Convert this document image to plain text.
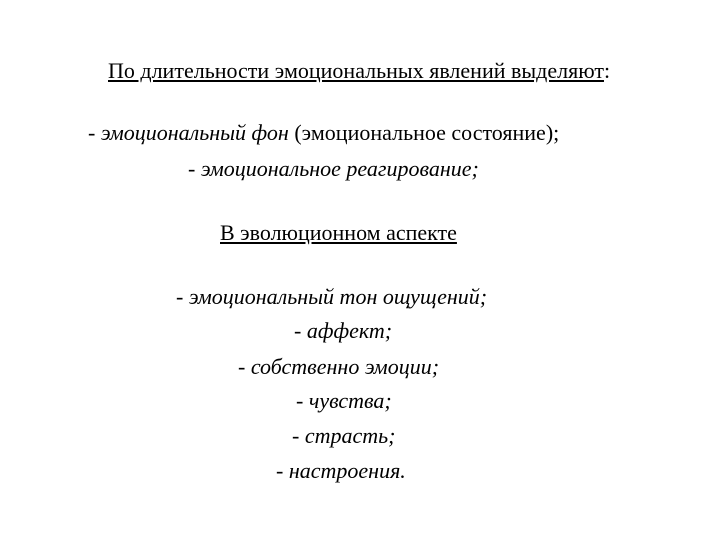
По длительности эмоциональных явлений выделяют:
- эмоциональный фон (эмоциональное состояние);
- эмоциональное реагирование;
В эволюционном аспекте
- эмоциональный тон ощущений;
- аффект;
- собственно эмоции;
- чувства;
- страсть;
- настроения.
